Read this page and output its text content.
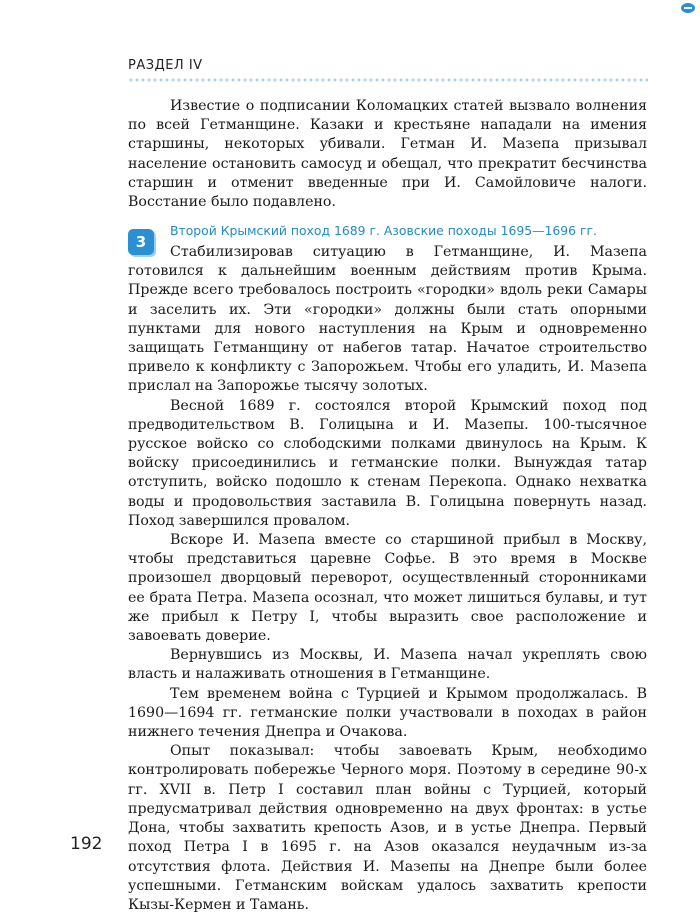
РАЗДЕЛ IV

Известие о подписании Коломацких статей вызвало волнения по всей Гетманщине. Казаки и крестьяне нападали на имения старшины, некоторых убивали. Гетман И. Мазепа призывал население остановить самосуд и обещал, что прекратит бесчинства старшин и отменит введенные при И. Самойловиче налоги. Восстание было подавлено.

3
Второй Крымский поход 1689 г. Азовские походы 1695—1696 гг.

Стабилизировав ситуацию в Гетманщине, И. Мазепа готовился к дальнейшим военным действиям против Крыма. Прежде всего требовалось построить «городки» вдоль реки Самары и заселить их. Эти «городки» должны были стать опорными пунктами для нового наступления на Крым и одновременно защищать Гетманщину от набегов татар. Начатое строительство привело к конфликту с Запорожьем. Чтобы его уладить, И. Мазепа прислал на Запорожье тысячу золотых.

Весной 1689 г. состоялся второй Крымский поход под предводительством В. Голицына и И. Мазепы. 100-тысячное русское войско со слободскими полками двинулось на Крым. К войску присоединились и гетманские полки. Вынуждая татар отступить, войско подошло к стенам Перекопа. Однако нехватка воды и продовольствия заставила В. Голицына повернуть назад. Поход завершился провалом.

Вскоре И. Мазепа вместе со старшиной прибыл в Москву, чтобы представиться царевне Софье. В это время в Москве произошел дворцовый переворот, осуществленный сторонниками ее брата Петра. Мазепа осознал, что может лишиться булавы, и тут же прибыл к Петру I, чтобы выразить свое расположение и завоевать доверие.

Вернувшись из Москвы, И. Мазепа начал укреплять свою власть и налаживать отношения в Гетманщине.

Тем временем война с Турцией и Крымом продолжалась. В 1690—1694 гг. гетманские полки участвовали в походах в район нижнего течения Днепра и Очакова.

Опыт показывал: чтобы завоевать Крым, необходимо контролировать побережье Черного моря. Поэтому в середине 90-х гг. XVII в. Петр I составил план войны с Турцией, который предусматривал действия одновременно на двух фронтах: в устье Дона, чтобы захватить крепость Азов, и в устье Днепра. Первый поход Петра I в 1695 г. на Азов оказался неудачным из-за отсутствия флота. Действия И. Мазепы на Днепре были более успешными. Гетманским войскам удалось захватить крепости Кызы-Кермен и Тамань.

192
